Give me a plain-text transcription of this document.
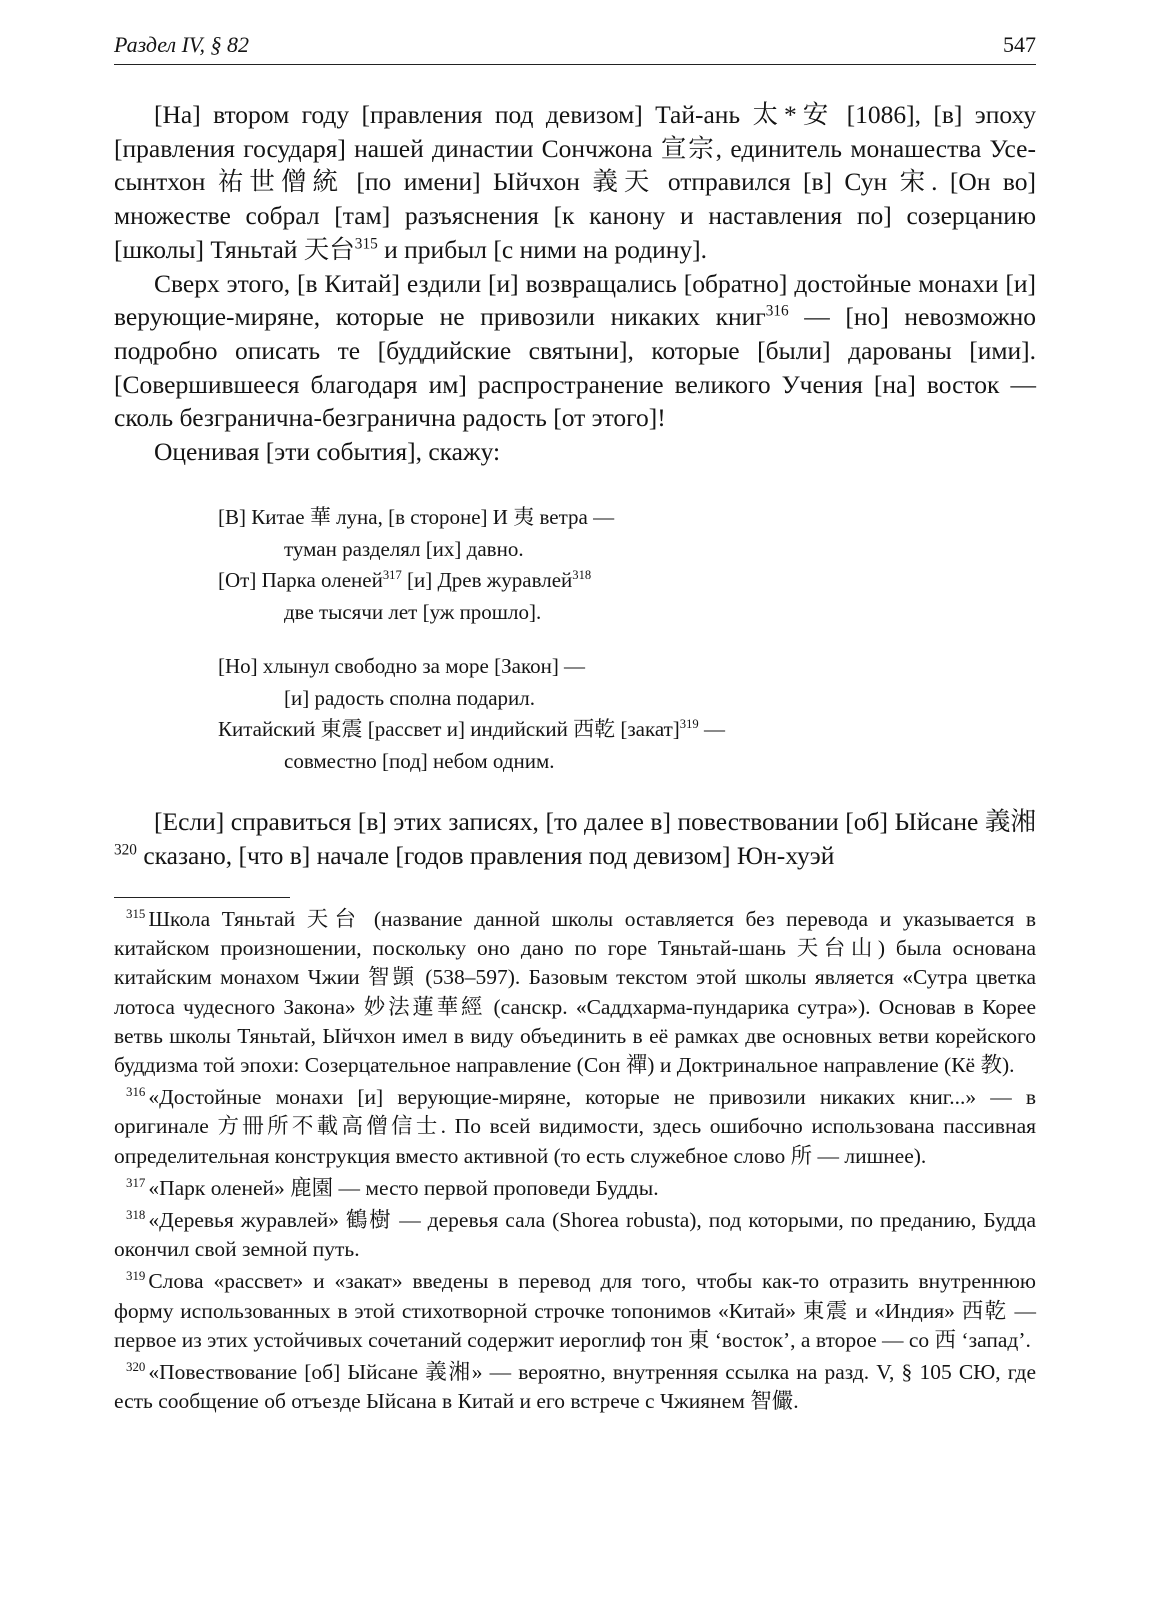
Раздел IV, § 82	547

[На] втором году [правления под девизом] Тай-ань 太*安 [1086], [в] эпоху [правления государя] нашей династии Сончжона 宣宗, единитель монашества Усе-сынтхон 祐世僧統 [по имени] Ыйчхон 義天 отправился [в] Сун 宋. [Он во] множестве собрал [там] разъяснения [к канону и наставления по] созерцанию [школы] Тяньтай 天台$^{315}$ и прибыл [с ними на родину].

Сверх этого, [в Китай] ездили [и] возвращались [обратно] достойные монахи [и] верующие-миряне, которые не привозили никаких книг$^{316}$ — [но] невозможно подробно описать те [буддийские святыни], которые [были] дарованы [ими]. [Совершившееся благодаря им] распространение великого Учения [на] восток — сколь безгранична-безгранична радость [от этого]!

Оценивая [эти события], скажу:

[В] Китае 華 луна, [в стороне] И 夷 ветра —
туман разделял [их] давно.
[От] Парка оленей$^{317}$ [и] Древ журавлей$^{318}$
две тысячи лет [уж прошло].
[Но] хлынул свободно за море [Закон] —
[и] радость сполна подарил.
Китайский 東震 [рассвет и] индийский 西乾 [закат]$^{319}$ —
совместно [под] небом одним.

[Если] справиться [в] этих записях, [то далее в] повествовании [об] Ыйсане 義湘$^{320}$ сказано, [что в] начале [годов правления под девизом] Юн-хуэй

$^{315}$ Школа Тяньтай 天台 (название данной школы оставляется без перевода и указывается в китайском произношении, поскольку оно дано по горе Тяньтай-шань 天台山) была основана китайским монахом Чжии 智顗 (538–597). Базовым текстом этой школы является «Сутра цветка лотоса чудесного Закона» 妙法蓮華經 (санскр. «Саддхарма-пундарика сутра»). Основав в Корее ветвь школы Тяньтай, Ыйчхон имел в виду объединить в её рамках две основных ветви корейского буддизма той эпохи: Созерцательное направление (Сон 禪) и Доктринальное направление (Кё 教).

$^{316}$ «Достойные монахи [и] верующие-миряне, которые не привозили никаких книг...» — в оригинале 方冊所不載高僧信士. По всей видимости, здесь ошибочно использована пассивная определительная конструкция вместо активной (то есть служебное слово 所 — лишнее).

$^{317}$ «Парк оленей» 鹿園 — место первой проповеди Будды.

$^{318}$ «Деревья журавлей» 鶴樹 — деревья сала (Shorea robusta), под которыми, по преданию, Будда окончил свой земной путь.

$^{319}$ Слова «рассвет» и «закат» введены в перевод для того, чтобы как-то отразить внутреннюю форму использованных в этой стихотворной строчке топонимов «Китай» 東震 и «Индия» 西乾 — первое из этих устойчивых сочетаний содержит иероглиф тон 東 ‘восток’, а второе — со 西 ‘запад’.

$^{320}$ «Повествование [об] Ыйсане 義湘» — вероятно, внутренняя ссылка на разд. V, § 105 СЮ, где есть сообщение об отъезде Ыйсана в Китай и его встрече с Чжиянем 智儼.
